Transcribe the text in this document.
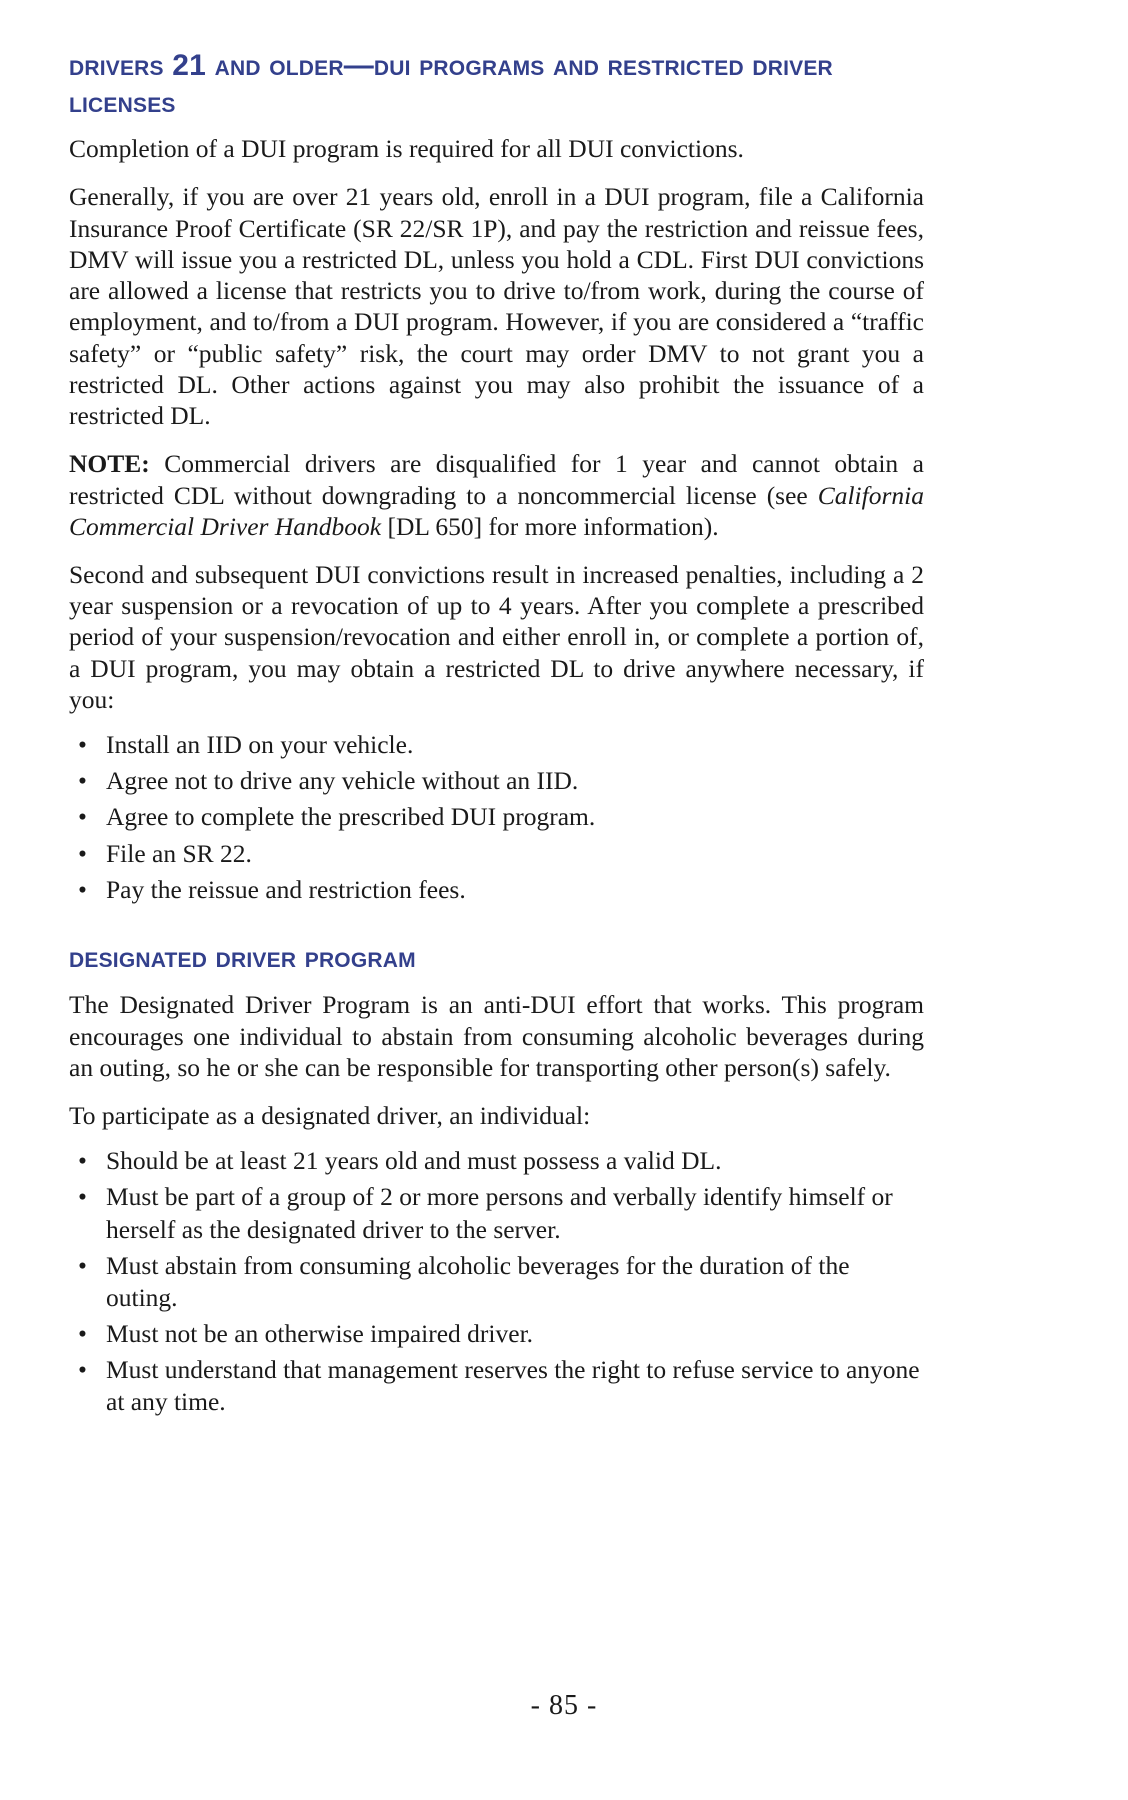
drivers 21 and older—dui programs and restricted driver licenses

Completion of a DUI program is required for all DUI convictions.

Generally, if you are over 21 years old, enroll in a DUI program, file a California Insurance Proof Certificate (SR 22/SR 1P), and pay the restriction and reissue fees, DMV will issue you a restricted DL, unless you hold a CDL. First DUI convictions are allowed a license that restricts you to drive to/from work, during the course of employment, and to/from a DUI program. However, if you are considered a “traffic safety” or “public safety” risk, the court may order DMV to not grant you a restricted DL. Other actions against you may also prohibit the issuance of a restricted DL.

NOTE: Commercial drivers are disqualified for 1 year and cannot obtain a restricted CDL without downgrading to a noncommercial license (see California Commercial Driver Handbook [DL 650] for more information).

Second and subsequent DUI convictions result in increased penalties, including a 2 year suspension or a revocation of up to 4 years. After you complete a prescribed period of your suspension/revocation and either enroll in, or complete a portion of, a DUI program, you may obtain a restricted DL to drive anywhere necessary, if you:

• Install an IID on your vehicle.
• Agree not to drive any vehicle without an IID.
• Agree to complete the prescribed DUI program.
• File an SR 22.
• Pay the reissue and restriction fees.
designated driver program

The Designated Driver Program is an anti-DUI effort that works. This program encourages one individual to abstain from consuming alcoholic beverages during an outing, so he or she can be responsible for transporting other person(s) safely.

To participate as a designated driver, an individual:

• Should be at least 21 years old and must possess a valid DL.
• Must be part of a group of 2 or more persons and verbally identify himself or herself as the designated driver to the server.
• Must abstain from consuming alcoholic beverages for the duration of the outing.
• Must not be an otherwise impaired driver.
• Must understand that management reserves the right to refuse service to anyone at any time.
- 85 -
